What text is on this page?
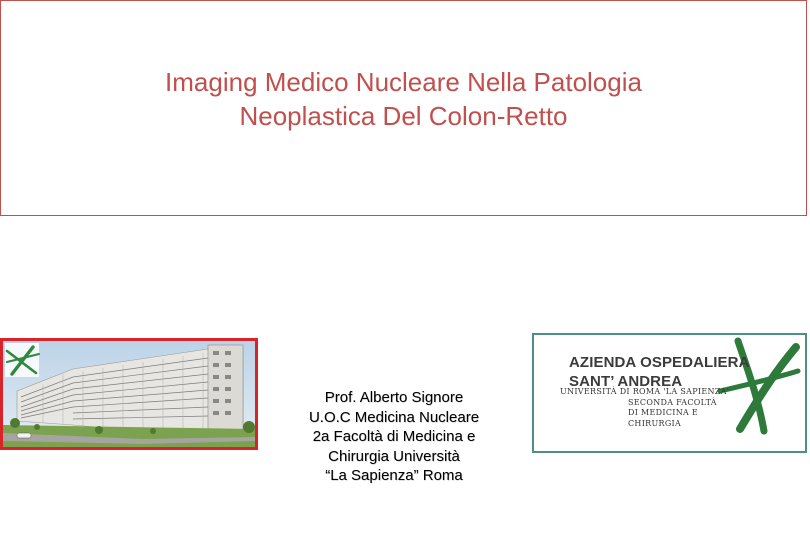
Imaging Medico Nucleare Nella Patologia
Neoplastica Del Colon-Retto
Prof. Alberto Signore
U.O.C Medicina Nucleare
2a Facoltà di Medicina e
Chirurgia Università
“La Sapienza” Roma
AZIENDA OSPEDALIERA
SANT’ ANDREA
UNIVERSITÀ DI ROMA 'LA SAPIENZA'
SECONDA FACOLTÀ
DI MEDICINA E CHIRURGIA
